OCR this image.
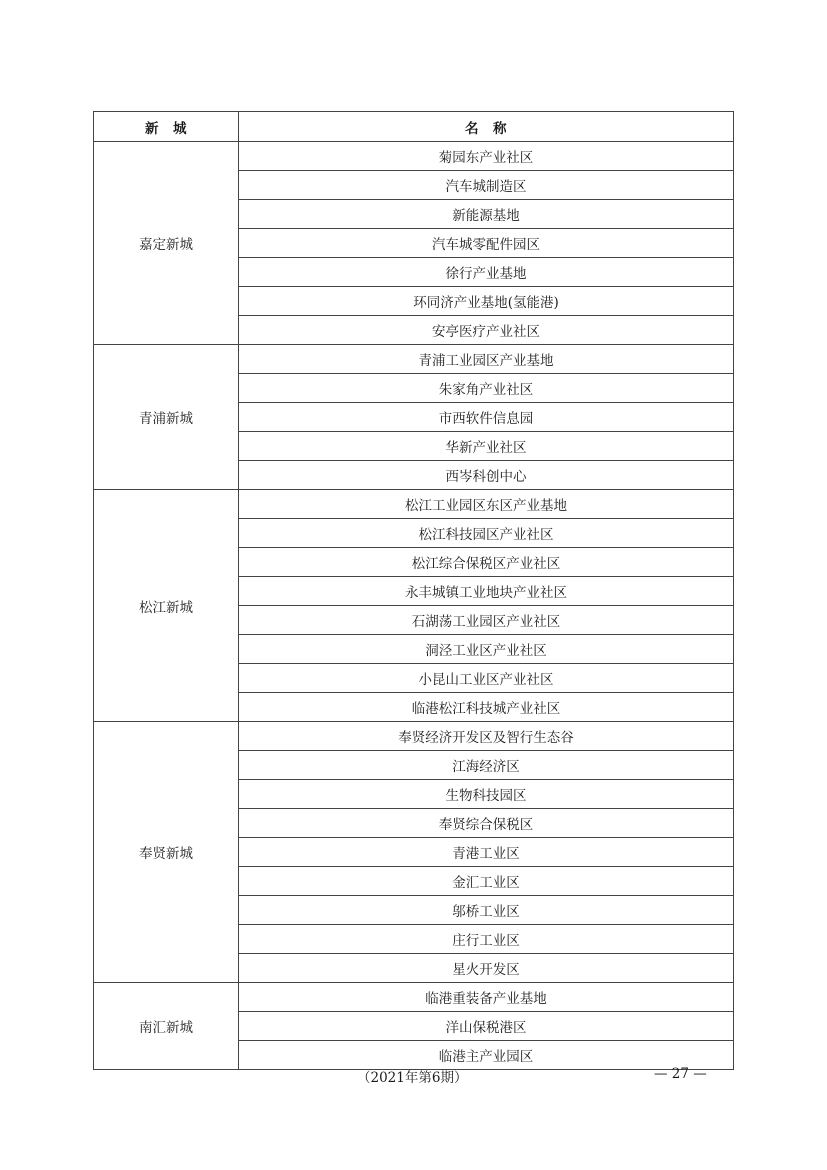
新　城	名　称
嘉定新城	菊园东产业社区
	汽车城制造区
	新能源基地
	汽车城零配件园区
	徐行产业基地
	环同济产业基地(氢能港)
	安亭医疗产业社区
青浦新城	青浦工业园区产业基地
	朱家角产业社区
	市西软件信息园
	华新产业社区
	西岑科创中心
松江新城	松江工业园区东区产业基地
	松江科技园区产业社区
	松江综合保税区产业社区
	永丰城镇工业地块产业社区
	石湖荡工业园区产业社区
	洞泾工业区产业社区
	小昆山工业区产业社区
	临港松江科技城产业社区
奉贤新城	奉贤经济开发区及智行生态谷
	江海经济区
	生物科技园区
	奉贤综合保税区
	青港工业区
	金汇工业区
	邬桥工业区
	庄行工业区
	星火开发区
南汇新城	临港重装备产业基地
	洋山保税港区
	临港主产业园区
（2021年第6期）	— 27 —
